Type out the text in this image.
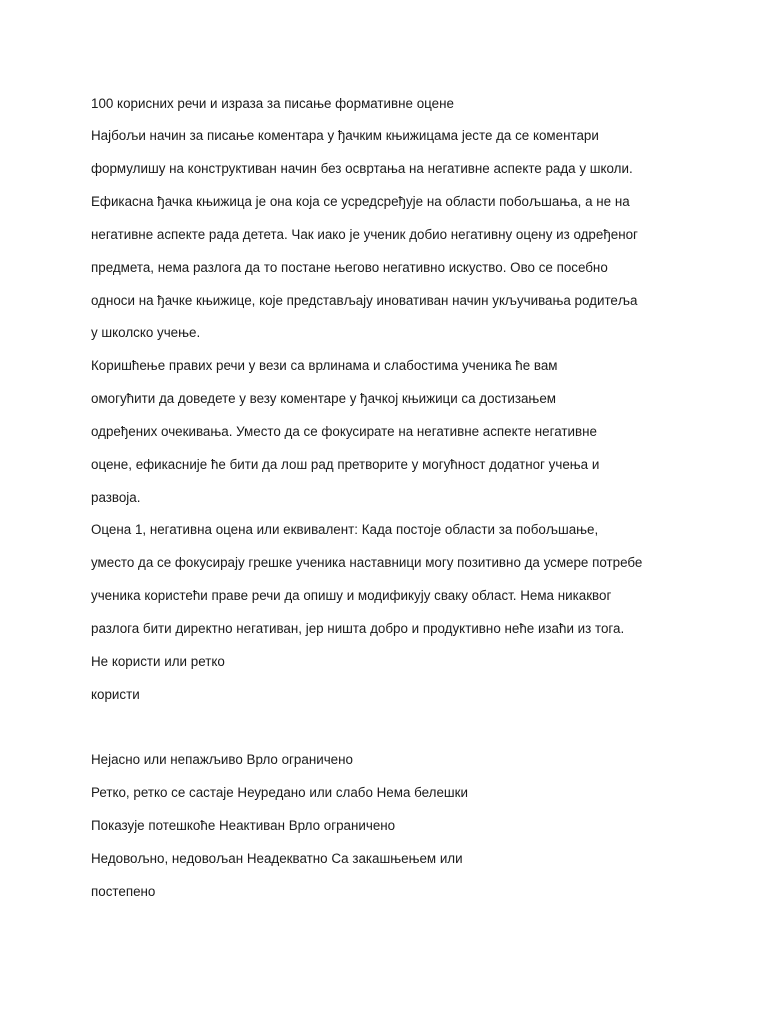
100 корисних речи и израза за писање формативне оцене
Најбољи начин за писање коментара у ђачким књижицама јесте да се коментари
формулишу на конструктиван начин без освртања на негативне аспекте рада у школи.
Ефикасна ђачка књижица је она која се усредсређује на области побољшања, а не на
негативне аспекте рада детета. Чак иако је ученик добио негативну оцену из одређеног
предмета, нема разлога да то постане његово негативно искуство. Ово се посебно
односи на ђачке књижице, које представљају иновативан начин укључивања родитеља
у школско учење.
Коришћење правих речи у вези са врлинама и слабостима ученика ће вам
омогућити да доведете у везу коментаре у ђачкој књижици са достизањем
одређених очекивања. Уместо да се фокусирате на негативне аспекте негативне
оцене, ефикасније ће бити да лош рад претворите у могућност додатног учења и
развоја.
Оцена 1, негативна оцена или еквивалент: Када постоје области за побољшање,
уместо да се фокусирају грешке ученика наставници могу позитивно да усмере потребе
ученика користећи праве речи да опишу и модификују сваку област. Нема никаквог
разлога бити директно негативан, јер ништа добро и продуктивно неће изаћи из тога.
Не користи или ретко
користи
Нејасно или непажљиво Врло ограничено
Ретко, ретко се састаје Неуредано или слабо Нема белешки
Показује потешкоће Неактиван Врло ограничено
Недовољно, недовољан Неадекватно Са закашњењем или
постепено
